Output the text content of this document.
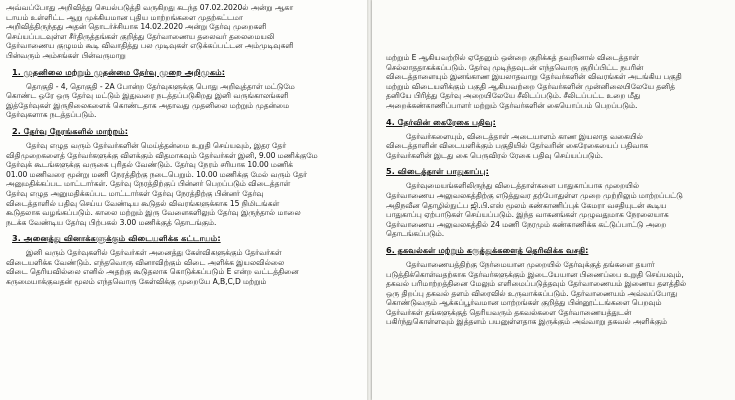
அவ்வப்போது அறிவித்து செயல்படுத்தி வருகிறது கடந்த 07.02.2020ல் அன்று ஆகா
டாயம் உள்ளிட்ட ஆறு முக்கியமான புதிய மாற்றங்களை முதற்கட்டமா
அறிவித்திருந்தது அதன் தொடர்ச்சியாக 14.02.2020 அன்று தேர்வு முறைகளி
செய்யப்படவுள்ள சீர்திருத்தங்கள் குறித்து தேர்வாணைய தலைவர் தலைமையலி
தேர்வாணைய குழுமம் கூடி விவாதித்து பல முடிவுகள் எடுக்கப்பட்டன அம்முடிவுகளி
பின்வரும் அம்சங்கள் பின்வருமாறு
1. முதனிலை மற்றும் முதன்மை தேர்வு முறை அறிமுகம்:
தொகுதி - 4, தொகுதி - 2A போன்ற தேர்வுகளுக்கு பொது அறிவுத்தாள் மட்டுமே
கொண்ட ஒரே ஒரு தேர்வு மட்டும் இதுவரை நடத்தப்படுகிறது இனி வருங்காலங்களி
இத்தேர்வுகள் இருநிலைகளைக் கொண்டதாக அதாவது முதனிலை மற்றும் முதன்மை
தேர்வுகளாக நடத்தப்படும்.
2. தேர்வு நேரங்களில் மாற்றம்:
தேர்வு எழுத வரும் தேர்வர்களின் மெய்த்தன்மை உறுதி செய்யவும், இதர தேர்
விதிமுறைகளைத் தேர்வர்களுக்கு விளக்கும் விதமாகவும் தேர்வர்கள் இனி, 9.00 மணிக்குமே
தேர்வுக் கூடங்களுக்கு வருகை புரிதல் வேண்டும். தேர்வு நேரம் சரியாக 10.00 மணிக்
01.00 மணிவரை மூன்று மணி நேரத்திற்கு நடைபெறும். 10.00 மணிக்கு மேல் வரும் தேர்
அனுமதிக்கப்பட மாட்டார்கள். தேர்வு நேரத்திற்குப் பின்னர் பெறப்படும் விடைத்தாள்
தேர்வு எழுத அனுமதிக்கப்பட மாட்டார்கள் தேர்வு நேரத்திற்கு பின்னர் தேர்வு
விடைத்தாளில் பதிவு செய்ய வேண்டிய கூடுதல் விவரங்களுக்காக 15 நிமிடங்கள்
கூடுதலாக வழங்கப்படும். காலை மற்றும் இரு வேளைகளிலும் தேர்வு இருந்தால் மாலை
நடக்க வேண்டிய தேர்வு பிற்பகல் 3.00 மணிக்குத் தொடங்கும்.
3. அனைத்து வினாக்களுக்கும் விடையளிக்க கட்டாயம்:
இனி வரும் தேர்வுகளில் தேர்வர்கள் அனைத்து கேள்விகளுக்கும் தேர்வர்கள்
விடையளிக்க வேண்டும். எந்தவொரு வினாவிற்கும் விடை அளிக்க இயலவில்லை
விடை தெரியவில்லை எனில் அதற்கு கூடுதலாக கொடுக்கப்படும் E என்ற வட்டத்தினை
கருமையாக்குவதன் மூலம் எந்தவொரு கேள்விக்கு முறையே A,B,C,D மற்றும்
மற்றும் E ஆகியவற்றில் ஏதேனும் ஒன்றை குறிக்கத் தவறினால் விடைத்தாள்
செல்லாததாகக்கப்படும். தேர்வு முடிந்தவுடன் எந்தவொரு குறிப்பிட்ட நபரின்
விடைத்தாளையும் இனங்காண இயலாதவாறு தேர்வர்களின் விவரங்கள் அடங்கிய பகுதி
மற்றும் விடையளிக்கும் பகுதி ஆகியவற்றை தேர்வர்களின் முன்னிலையிலேயே தனித்
தனியே பிரித்து தேர்வு அறையிலேயே சீலிடப்படும். சீலிடப்பட்ட உறை மீது
அறைக்கண்காணிப்பாளர் மற்றும் தேர்வர்களின் கையொப்பம் பெறப்படும்.
4. தேர்வின் கைரேகை பதிவு:
தேர்வர்களையும், விடைத்தாள் அடையாளம் காண இயலாத வகையில்
விடைத்தாளின் விடையளிக்கும் பகுதியில் தேர்வரின் கைரேகையைப் பதிவாக
தேர்வர்களின் இடது கை பெருவிரல் ரேகை பதிவு செய்யப்படும்.
5. விடைத்தாள் பாதுகாப்பு:
தேர்வுமையங்களிலிருந்து விடைத்தாள்களை பாதுகாப்பாக முறையில்
தேர்வாணைய அலுவலகத்திற்கு எடுத்துவர தற்போதுள்ள முறை முற்றிலும் மாற்றப்பட்டு
அதிநவீன தொழில்நுட்ப ஜி.பி.எஸ் மூலம் கண்காணிப்புக் கேமரா வசதியுடன் கூடிய
பாதுகாப்பு ஏற்பாடுகள் செய்யப்படும். இந்த வாகனங்கள் முழுவதுமாக நேரலையாக
தேர்வாணைய அலுவலகத்தில் 24 மணி நேரமும் கண்காணிக்க கட்டுப்பாட்டு அறை
தொடங்கப்படும்.
6. தகவல்கள் மற்றும் கருத்துக்களைத் தெரிவிக்க வசதி:
தேர்வாணையத்திற்கு நேர்மையான முறையில் தேர்வுக்குத் தங்களை தயார்
படுத்திக்கொள்வதற்காக தேர்வர்களுக்கும் இடையேயான பிணைப்பை உறுதி செய்யவும்,
தகவல் பரிமாற்றத்தினை மேலும் எளிமைப்படுத்தவும் தேர்வாணையம் இணைய தளத்தில்
ஒரு திறப்பு தகவல் தளம் விரைவில் உருவாக்கப்படும். தேர்வாணையம் அவ்வப்போது
கொண்டுவரும் ஆக்கப்பூர்வமான மாற்றங்கள் குறித்து பின்னூட்டங்களை பெறவும்
தேர்வர்கள் தங்களுக்குத் தெரியவரும் தகவல்களை தேர்வாணையத்துடன்
பகிர்ந்துகொள்ளவும் இத்தளம் பயனுள்ளதாக இருக்கும் அவ்வாறு தகவல் அளிக்கும்
